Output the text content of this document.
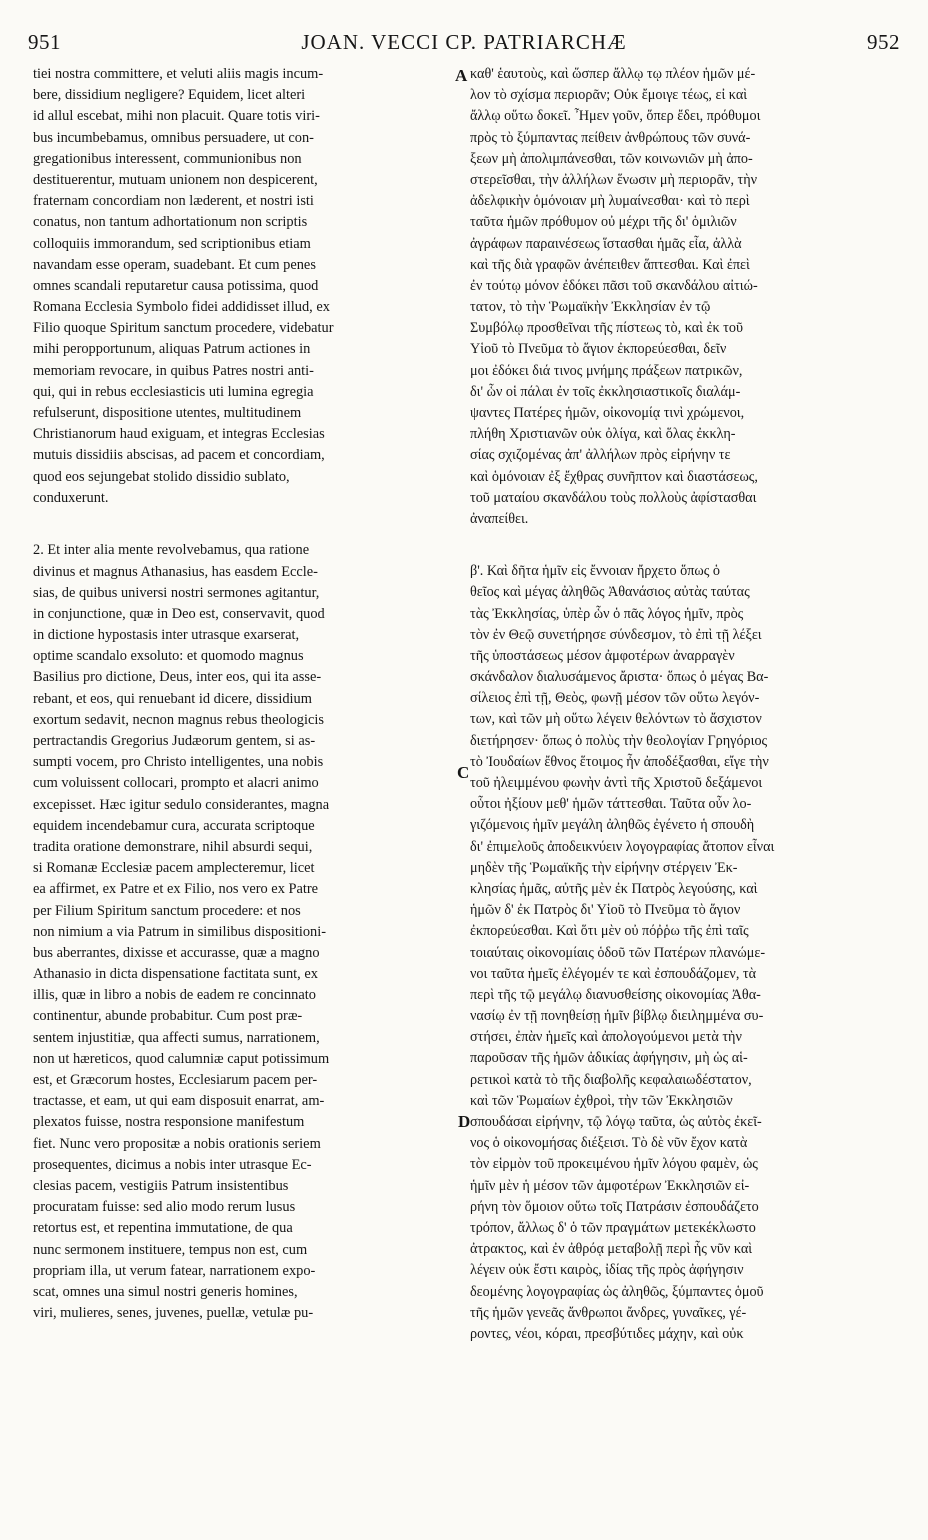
951	JOAN. VECCI CP. PATRIARCHÆ	952
tiei nostra committere, et veluti aliis magis incum-
bere, dissidium negligere? Equidem, licet alteri
id allul escebat, mihi non placuit. Quare totis viri-
bus incumbebamus, omnibus persuadere, ut con-
gregationibus interessent, communionibus non
destituerentur, mutuam unionem non despicerent,
fraternam concordiam non læderent, et nostri isti
conatus, non tantum adhortationum non scriptis
colloquiis immorandum, sed scriptionibus etiam
navandam esse operam, suadebant. Et cum penes
omnes scandali reputaretur causa potissima, quod
Romana Ecclesia Symbolo fidei addidisset illud, ex
Filio quoque Spiritum sanctum procedere, videbatur
mihi peropportunum, aliquas Patrum actiones in
memoriam revocare, in quibus Patres nostri anti-
qui, qui in rebus ecclesiasticis uti lumina egregia
refulserunt, dispositione utentes, multitudinem
Christianorum haud exiguam, et integras Ecclesias
mutuis dissidiis abscisas, ad pacem et concordiam,
quod eos sejungebat stolido dissidio sublato,
conduxerunt.
2. Et inter alia mente revolvebamus, qua ratione
divinus et magnus Athanasius, has easdem Eccle-
sias, de quibus universi nostri sermones agitantur,
in conjunctione, quæ in Deo est, conservavit, quod
in dictione hypostasis inter utrasque exarserat,
optime scandalo exsoluto: et quomodo magnus
Basilius pro dictione, Deus, inter eos, qui ita asse-
rebant, et eos, qui renuebant id dicere, dissidium
exortum sedavit, necnon magnus rebus theologicis
pertractandis Gregorius Judæorum gentem, si as-
sumpti vocem, pro Christo intelligentes, una nobis
cum voluissent collocari, prompto et alacri animo
excepisset. Hæc igitur sedulo considerantes, magna
equidem incendebamur cura, accurata scriptoque
tradita oratione demonstrare, nihil absurdi sequi,
si Romanæ Ecclesiæ pacem amplecteremur, licet
ea affirmet, ex Patre et ex Filio, nos vero ex Patre
per Filium Spiritum sanctum procedere: et nos
non nimium a via Patrum in similibus dispositioni-
bus aberrantes, dixisse et accurasse, quæ a magno
Athanasio in dicta dispensatione factitata sunt, ex
illis, quæ in libro a nobis de eadem re concinnato
continentur, abunde probabitur. Cum post præ-
sentem injustitiæ, qua affecti sumus, narrationem,
non ut hæreticos, quod calumniæ caput potissimum
est, et Græcorum hostes, Ecclesiarum pacem per-
tractasse, et eam, ut qui eam disposuit enarrat, am-
plexatos fuisse, nostra responsione manifestum
fiet. Nunc vero propositæ a nobis orationis seriem
prosequentes, dicimus a nobis inter utrasque Ec-
clesias pacem, vestigiis Patrum insistentibus
procuratam fuisse: sed alio modo rerum lusus
retortus est, et repentina immutatione, de qua
nunc sermonem instituere, tempus non est, cum
propriam illa, ut verum fatear, narrationem expo-
scat, omnes una simul nostri generis homines,
viri, mulieres, senes, juvenes, puellæ, vetulæ pu-
καθ' ἑαυτοὺς, καὶ ὥσπερ ἄλλῳ τῳ πλέον ἡμῶν μέ-
λον τὸ σχίσμα περιορᾶν; Οὐκ ἔμοιγε τέως, εἰ καὶ
ἄλλῳ οὕτω δοκεῖ. Ἦμεν γοῦν, ὅπερ ἔδει, πρόθυμοι
πρὸς τὸ ξύμπαντας πείθειν ἀνθρώπους τῶν συνά-
ξεων μὴ ἀπολιμπάνεσθαι, τῶν κοινωνιῶν μὴ ἀπο-
στερεῖσθαι, τὴν ἀλλήλων ἕνωσιν μὴ περιορᾶν, τὴν
ἀδελφικὴν ὁμόνοιαν μὴ λυμαίνεσθαι· καὶ τὸ περὶ
ταῦτα ἡμῶν πρόθυμον οὐ μέχρι τῆς δι' ὁμιλιῶν
ἀγράφων παραινέσεως ἵστασθαι ἡμᾶς εἶα, ἀλλὰ
καὶ τῆς διὰ γραφῶν ἀνέπειθεν ἅπτεσθαι. Καὶ ἐπεὶ
ἐν τούτῳ μόνον ἐδόκει πᾶσι τοῦ σκανδάλου αἰτιώ-
τατον, τὸ τὴν Ῥωμαϊκὴν Ἐκκλησίαν ἐν τῷ
Συμβόλῳ προσθεῖναι τῆς πίστεως τὸ, καὶ ἐκ τοῦ
Υἱοῦ τὸ Πνεῦμα τὸ ἅγιον ἐκπορεύεσθαι, δεῖν
μοι ἐδόκει διά τινος μνήμης πράξεων πατρικῶν,
δι' ὧν οἱ πάλαι ἐν τοῖς ἐκκλησιαστικοῖς διαλάμ-
ψαντες Πατέρες ἡμῶν, οἰκονομίᾳ τινὶ χρώμενοι,
πλήθη Χριστιανῶν οὐκ ὀλίγα, καὶ ὅλας ἐκκλη-
σίας σχιζομένας ἀπ' ἀλλήλων πρὸς εἰρήνην τε
καὶ ὁμόνοιαν ἐξ ἔχθρας συνῆπτον καὶ διαστάσεως,
τοῦ ματαίου σκανδάλου τοὺς πολλοὺς ἀφίστασθαι
ἀναπείθει.
β'. Καὶ δῆτα ἡμῖν εἰς ἔννοιαν ἤρχετο ὅπως ὁ
θεῖος καὶ μέγας ἀληθῶς Ἀθανάσιος αὐτὰς ταύτας
τὰς Ἐκκλησίας, ὑπὲρ ὧν ὁ πᾶς λόγος ἡμῖν, πρὸς
τὸν ἐν Θεῷ συνετήρησε σύνδεσμον, τὸ ἐπὶ τῇ λέξει
τῆς ὑποστάσεως μέσον ἀμφοτέρων ἀναρραγὲν
σκάνδαλον διαλυσάμενος ἄριστα· ὅπως ὁ μέγας Βα-
σίλειος ἐπὶ τῇ, Θεὸς, φωνῇ μέσον τῶν οὕτω λεγόν-
των, καὶ τῶν μὴ οὕτω λέγειν θελόντων τὸ ἄσχιστον
διετήρησεν· ὅπως ὁ πολὺς τὴν θεολογίαν Γρηγόριος
τὸ Ἰουδαίων ἔθνος ἕτοιμος ἦν ἀποδέξασθαι, εἴγε τὴν
τοῦ ἠλειμμένου φωνὴν ἀντὶ τῆς Χριστοῦ δεξάμενοι
οὗτοι ἠξίουν μεθ' ἡμῶν τάττεσθαι. Ταῦτα οὖν λο-
γιζόμενοις ἡμῖν μεγάλη ἀληθῶς ἐγένετο ἡ σπουδὴ
δι' ἐπιμελοῦς ἀποδεικνύειν λογογραφίας ἄτοπον εἶναι
μηδὲν τῆς Ῥωμαϊκῆς τὴν εἰρήνην στέργειν Ἐκ-
κλησίας ἡμᾶς, αὐτῆς μὲν ἐκ Πατρὸς λεγούσης, καὶ
ἡμῶν δ' ἐκ Πατρὸς δι' Υἱοῦ τὸ Πνεῦμα τὸ ἅγιον
ἐκπορεύεσθαι. Καὶ ὅτι μὲν οὐ πόῤῥω τῆς ἐπὶ ταῖς
τοιαύταις οἰκονομίαις ὁδοῦ τῶν Πατέρων πλανώμε-
νοι ταῦτα ἡμεῖς ἐλέγομέν τε καὶ ἐσπουδάζομεν, τὰ
περὶ τῆς τῷ μεγάλῳ διανυσθείσης οἰκονομίας Ἀθα-
νασίῳ ἐν τῇ πονηθείσῃ ἡμῖν βίβλῳ διειλημμένα συ-
στήσει, ἐπὰν ἡμεῖς καὶ ἀπολογούμενοι μετὰ τὴν
παροῦσαν τῆς ἡμῶν ἀδικίας ἀφήγησιν, μὴ ὡς αἱ-
ρετικοὶ κατὰ τὸ τῆς διαβολῆς κεφαλαιωδέστατον,
καὶ τῶν Ῥωμαίων ἐχθροὶ, τὴν τῶν Ἐκκλησιῶν
σπουδάσαι εἰρήνην, τῷ λόγῳ ταῦτα, ὡς αὐτὸς ἐκεῖ-
νος ὁ οἰκονομήσας διέξεισι. Τὸ δὲ νῦν ἔχον κατὰ
τὸν εἱρμὸν τοῦ προκειμένου ἡμῖν λόγου φαμὲν, ὡς
ἡμῖν μὲν ἡ μέσον τῶν ἀμφοτέρων Ἐκκλησιῶν εἰ-
ρήνη τὸν ὅμοιον οὕτω τοῖς Πατράσιν ἐσπουδάζετο
τρόπον, ἄλλως δ' ὁ τῶν πραγμάτων μετεκέκλωστο
ἀτρακτος, καὶ ἐν ἀθρόᾳ μεταβολῇ περὶ ἧς νῦν καὶ
λέγειν οὐκ ἔστι καιρὸς, ἰδίας τῆς πρὸς ἀφήγησιν
δεομένης λογογραφίας ὡς ἀληθῶς, ξύμπαντες ὁμοῦ
τῆς ἡμῶν γενεᾶς ἄνθρωποι ἄνδρες, γυναῖκες, γέ-
ροντες, νέοι, κόραι, πρεσβύτιδες μάχην, καὶ οὐκ
A
C
D
